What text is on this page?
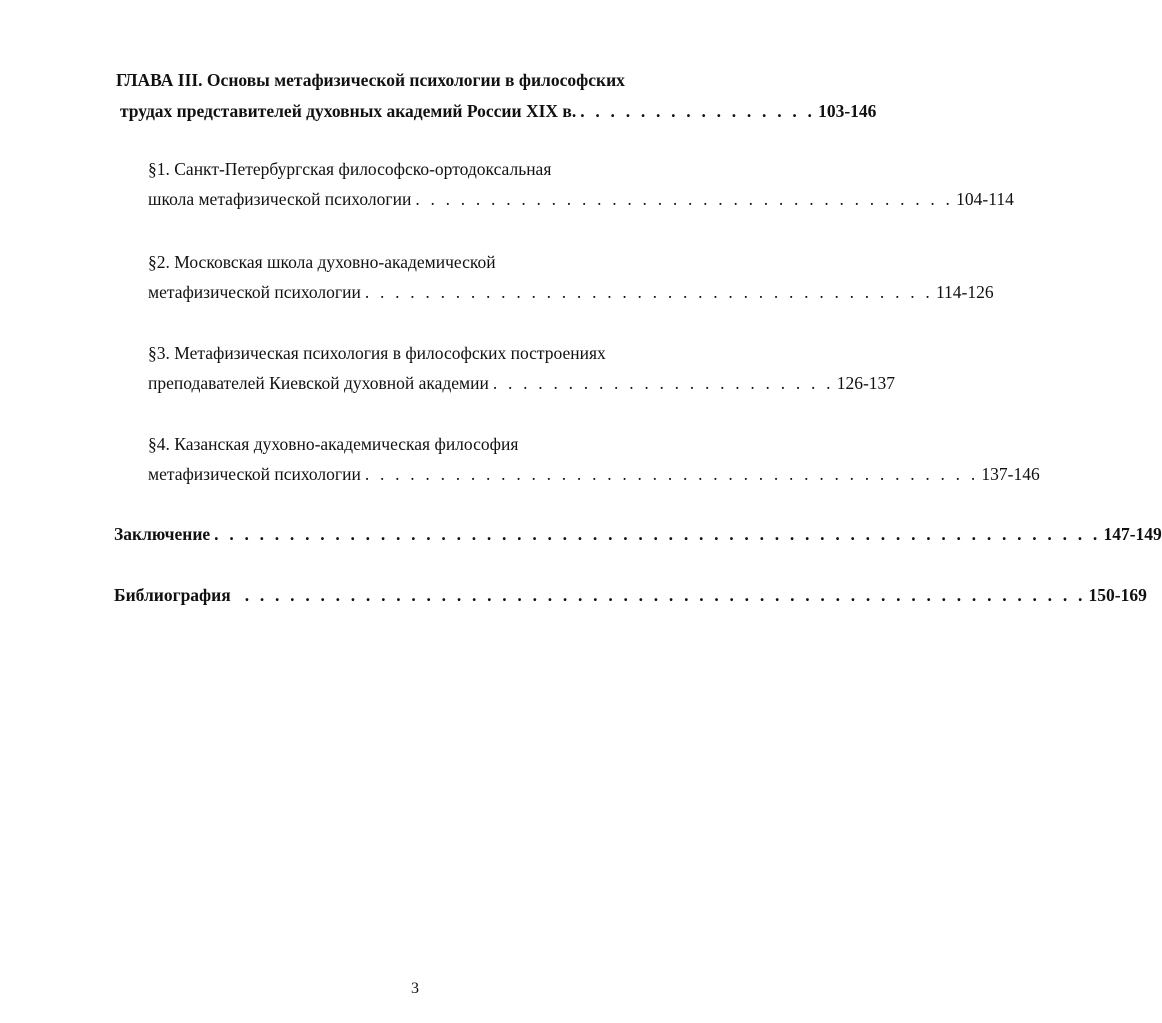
ГЛАВА III. Основы метафизической психологии в философских
трудах представителей духовных академий России XIX в. . . . . . . . . . . . . . . . . 103-146
§1. Санкт-Петербургская философско-ортодоксальная
школа метафизической психологии . . . . . . . . . . . . . . . . . . . . . . . . . . . . . . . . . . . . 104-114
§2. Московская школа духовно-академической
метафизической психологии . . . . . . . . . . . . . . . . . . . . . . . . . . . . . . . . . . . . . . 114-126
§3. Метафизическая психология в философских построениях
преподавателей Киевской духовной академии . . . . . . . . . . . . . . . . . . . . . . . 126-137
§4. Казанская духовно-академическая философия
метафизической психологии . . . . . . . . . . . . . . . . . . . . . . . . . . . . . . . . . . . . . . . . . 137-146
Заключение . . . . . . . . . . . . . . . . . . . . . . . . . . . . . . . . . . . . . . . . . . . . . . . . . . . . . . . . . . . 147-149
Библиография . . . . . . . . . . . . . . . . . . . . . . . . . . . . . . . . . . . . . . . . . . . . . . . . . . . . . . . . 150-169
3
